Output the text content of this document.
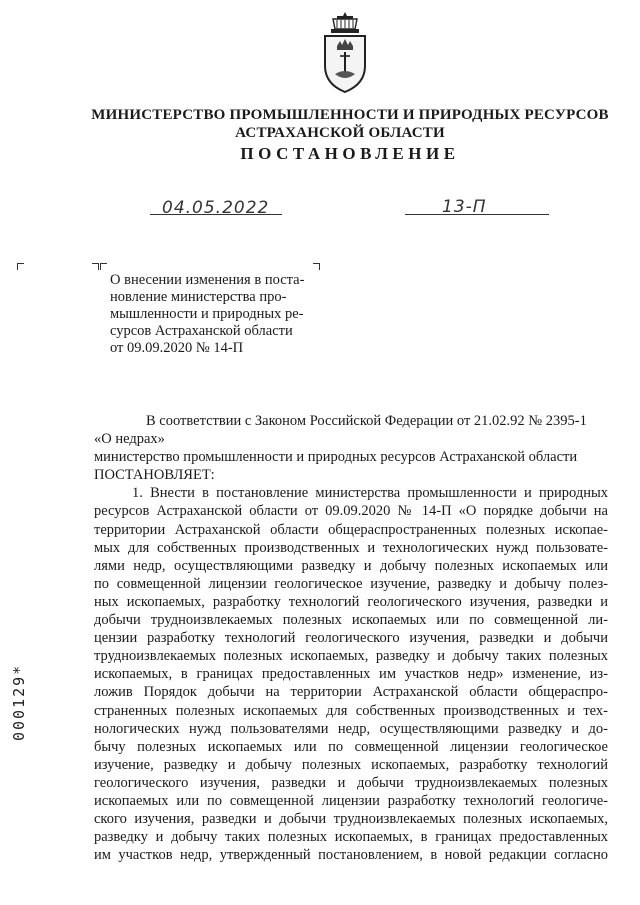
МИНИСТЕРСТВО ПРОМЫШЛЕННОСТИ И ПРИРОДНЫХ РЕСУРСОВ
АСТРАХАНСКОЙ ОБЛАСТИ
ПОСТАНОВЛЕНИЕ
04.05.2022	13-П
О внесении изменения в поста-
новление министерства про-
мышленности и природных ре-
сурсов Астраханской области
от 09.09.2020 № 14-П
В соответствии с Законом Российской Федерации от 21.02.92 № 2395-1
«О недрах»
министерство промышленности и природных ресурсов Астраханской области
ПОСТАНОВЛЯЕТ:
1. Внести в постановление министерства промышленности и природных
ресурсов Астраханской области от 09.09.2020 № 14-П «О порядке добычи на
территории Астраханской области общераспространенных полезных ископае-
мых для собственных производственных и технологических нужд пользовате-
лями недр, осуществляющими разведку и добычу полезных ископаемых или
по совмещенной лицензии геологическое изучение, разведку и добычу полез-
ных ископаемых, разработку технологий геологического изучения, разведки и
добычи трудноизвлекаемых полезных ископаемых или по совмещенной ли-
цензии разработку технологий геологического изучения, разведки и добычи
трудноизвлекаемых полезных ископаемых, разведку и добычу таких полезных
ископаемых, в границах предоставленных им участков недр» изменение, из-
ложив Порядок добычи на территории Астраханской области общераспро-
страненных полезных ископаемых для собственных производственных и тех-
нологических нужд пользователями недр, осуществляющими разведку и до-
бычу полезных ископаемых или по совмещенной лицензии геологическое
изучение, разведку и добычу полезных ископаемых, разработку технологий
геологического изучения, разведки и добычи трудноизвлекаемых полезных
ископаемых или по совмещенной лицензии разработку технологий геологиче-
ского изучения, разведки и добычи трудноизвлекаемых полезных ископаемых,
разведку и добычу таких полезных ископаемых, в границах предоставленных
им участков недр, утвержденный постановлением, в новой редакции согласно
000129*
